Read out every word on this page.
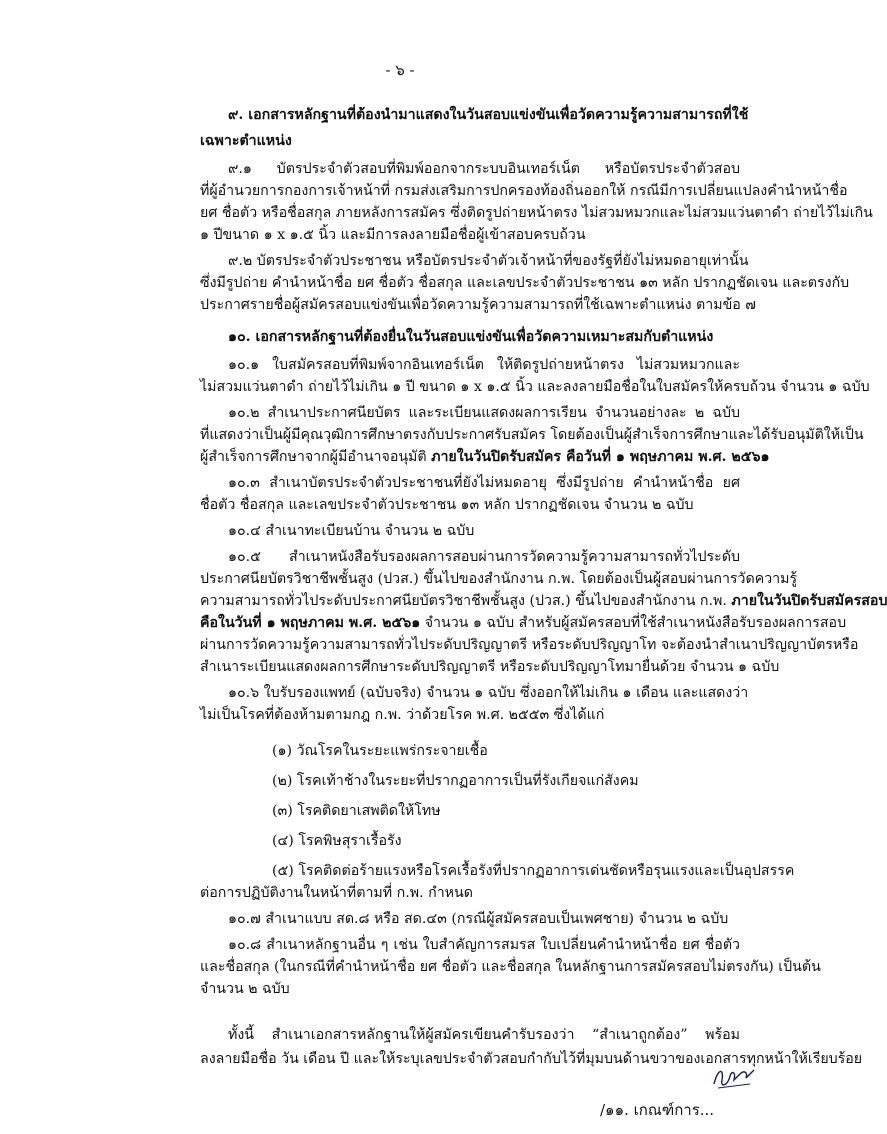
- ๖ -
๙. เอกสารหลักฐานที่ต้องนำมาแสดงในวันสอบแข่งขันเพื่อวัดความรู้ความสามารถที่ใช้
เฉพาะตำแหน่ง
๙.๑ บัตรประจำตัวสอบที่พิมพ์ออกจากระบบอินเทอร์เน็ต หรือบัตรประจำตัวสอบ
ที่ผู้อำนวยการกองการเจ้าหน้าที่ กรมส่งเสริมการปกครองท้องถิ่นออกให้ กรณีมีการเปลี่ยนแปลงคำนำหน้าชื่อ
ยศ ชื่อตัว หรือชื่อสกุล ภายหลังการสมัคร ซึ่งติดรูปถ่ายหน้าตรง ไม่สวมหมวกและไม่สวมแว่นตาดำ ถ่ายไว้ไม่เกิน
๑ ปีขนาด ๑ x ๑.๕ นิ้ว และมีการลงลายมือชื่อผู้เข้าสอบครบถ้วน
๙.๒ บัตรประจำตัวประชาชน หรือบัตรประจำตัวเจ้าหน้าที่ของรัฐที่ยังไม่หมดอายุเท่านั้น
ซึ่งมีรูปถ่าย คำนำหน้าชื่อ ยศ ชื่อตัว ชื่อสกุล และเลขประจำตัวประชาชน ๑๓ หลัก ปรากฏชัดเจน และตรงกับ
ประกาศรายชื่อผู้สมัครสอบแข่งขันเพื่อวัดความรู้ความสามารถที่ใช้เฉพาะตำแหน่ง ตามข้อ ๗
๑๐. เอกสารหลักฐานที่ต้องยื่นในวันสอบแข่งขันเพื่อวัดความเหมาะสมกับตำแหน่ง
๑๐.๑ ใบสมัครสอบที่พิมพ์จากอินเทอร์เน็ต ให้ติดรูปถ่ายหน้าตรง ไม่สวมหมวกและ
ไม่สวมแว่นตาดำ ถ่ายไว้ไม่เกิน ๑ ปี ขนาด ๑ x ๑.๕ นิ้ว และลงลายมือชื่อในใบสมัครให้ครบถ้วน จำนวน ๑ ฉบับ
๑๐.๒ สำเนาประกาศนียบัตร และระเบียนแสดงผลการเรียน จำนวนอย่างละ ๒ ฉบับ
ที่แสดงว่าเป็นผู้มีคุณวุฒิการศึกษาตรงกับประกาศรับสมัคร โดยต้องเป็นผู้สำเร็จการศึกษาและได้รับอนุมัติให้เป็น
ผู้สำเร็จการศึกษาจากผู้มีอำนาจอนุมัติ ภายในวันปิดรับสมัคร คือวันที่ ๑ พฤษภาคม พ.ศ. ๒๕๖๑
๑๐.๓ สำเนาบัตรประจำตัวประชาชนที่ยังไม่หมดอายุ ซึ่งมีรูปถ่าย คำนำหน้าชื่อ ยศ
ชื่อตัว ชื่อสกุล และเลขประจำตัวประชาชน ๑๓ หลัก ปรากฏชัดเจน จำนวน ๒ ฉบับ
๑๐.๔ สำเนาทะเบียนบ้าน จำนวน ๒ ฉบับ
๑๐.๕ สำเนาหนังสือรับรองผลการสอบผ่านการวัดความรู้ความสามารถทั่วไประดับ
ประกาศนียบัตรวิชาชีพชั้นสูง (ปวส.) ขึ้นไปของสำนักงาน ก.พ. โดยต้องเป็นผู้สอบผ่านการวัดความรู้
ความสามารถทั่วไประดับประกาศนียบัตรวิชาชีพชั้นสูง (ปวส.) ขึ้นไปของสำนักงาน ก.พ. ภายในวันปิดรับสมัครสอบ
คือในวันที่ ๑ พฤษภาคม พ.ศ. ๒๕๖๑ จำนวน ๑ ฉบับ สำหรับผู้สมัครสอบที่ใช้สำเนาหนังสือรับรองผลการสอบ
ผ่านการวัดความรู้ความสามารถทั่วไประดับปริญญาตรี หรือระดับปริญญาโท จะต้องนำสำเนาปริญญาบัตรหรือ
สำเนาระเบียนแสดงผลการศึกษาระดับปริญญาตรี หรือระดับปริญญาโทมายื่นด้วย จำนวน ๑ ฉบับ
๑๐.๖ ใบรับรองแพทย์ (ฉบับจริง) จำนวน ๑ ฉบับ ซึ่งออกให้ไม่เกิน ๑ เดือน และแสดงว่า
ไม่เป็นโรคที่ต้องห้ามตามกฎ ก.พ. ว่าด้วยโรค พ.ศ. ๒๕๕๓ ซึ่งได้แก่
(๑) วัณโรคในระยะแพร่กระจายเชื้อ
(๒) โรคเท้าช้างในระยะที่ปรากฏอาการเป็นที่รังเกียจแก่สังคม
(๓) โรคติดยาเสพติดให้โทษ
(๔) โรคพิษสุราเรื้อรัง
(๕) โรคติดต่อร้ายแรงหรือโรคเรื้อรังที่ปรากฏอาการเด่นชัดหรือรุนแรงและเป็นอุปสรรค
ต่อการปฏิบัติงานในหน้าที่ตามที่ ก.พ. กำหนด
๑๐.๗ สำเนาแบบ สด.๘ หรือ สด.๔๓ (กรณีผู้สมัครสอบเป็นเพศชาย) จำนวน ๒ ฉบับ
๑๐.๘ สำเนาหลักฐานอื่น ๆ เช่น ใบสำคัญการสมรส ใบเปลี่ยนคำนำหน้าชื่อ ยศ ชื่อตัว
และชื่อสกุล (ในกรณีที่คำนำหน้าชื่อ ยศ ชื่อตัว และชื่อสกุล ในหลักฐานการสมัครสอบไม่ตรงกัน) เป็นต้น
จำนวน ๒ ฉบับ
ทั้งนี้ สำเนาเอกสารหลักฐานให้ผู้สมัครเขียนคำรับรองว่า “สำเนาถูกต้อง” พร้อม
ลงลายมือชื่อ วัน เดือน ปี และให้ระบุเลขประจำตัวสอบกำกับไว้ที่มุมบนด้านขวาของเอกสารทุกหน้าให้เรียบร้อย
/๑๑. เกณฑ์การ...
